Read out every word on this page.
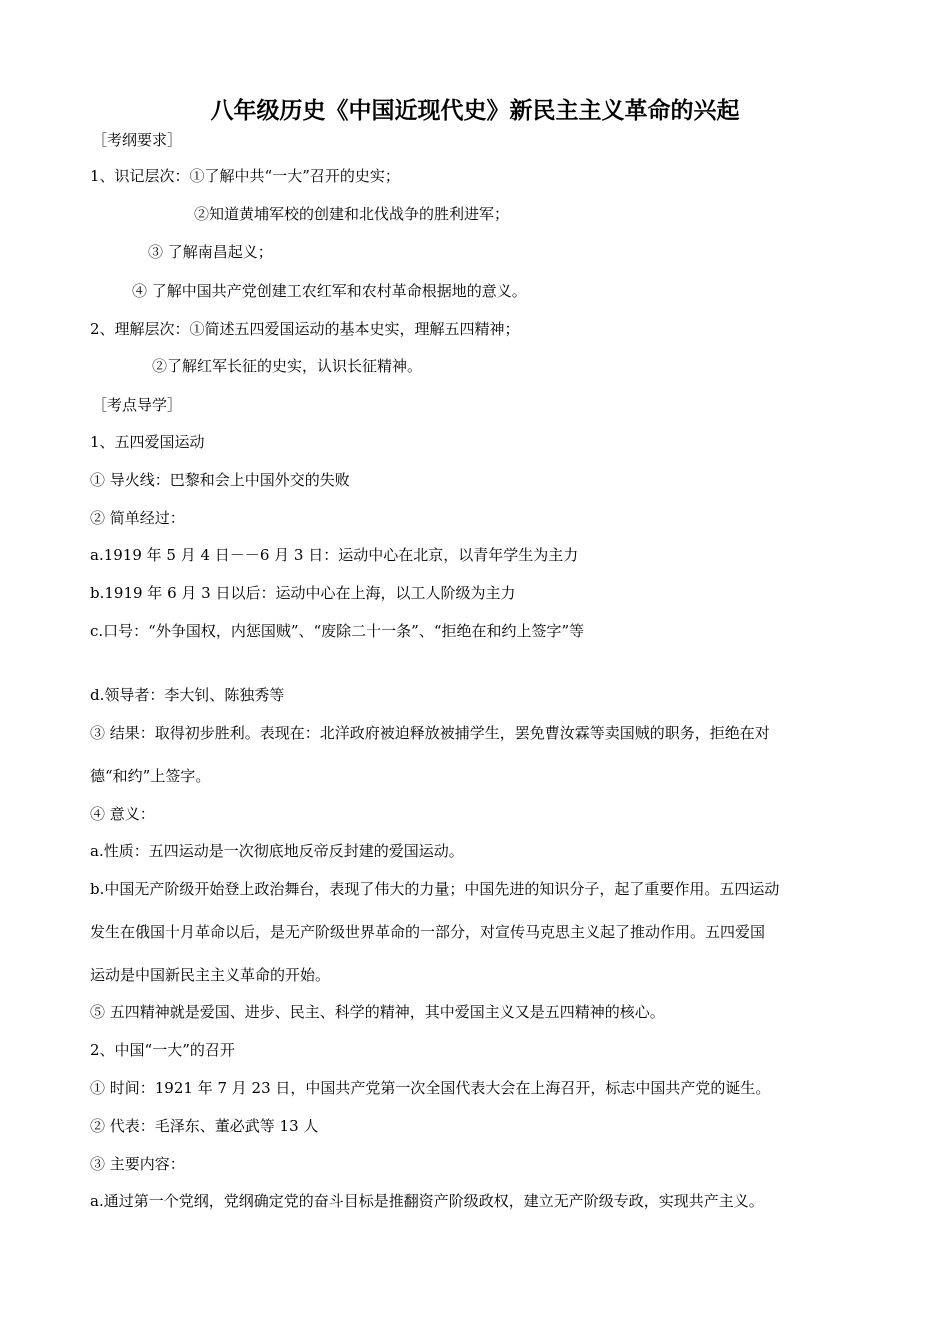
八年级历史《中国近现代史》新民主主义革命的兴起
［考纲要求］
1、识记层次：①了解中共“一大”召开的史实；
②知道黄埔军校的创建和北伐战争的胜利进军；
③ 了解南昌起义；
④ 了解中国共产党创建工农红军和农村革命根据地的意义。
2、理解层次：①简述五四爱国运动的基本史实，理解五四精神；
②了解红军长征的史实，认识长征精神。
［考点导学］
1、五四爱国运动
① 导火线：巴黎和会上中国外交的失败
② 简单经过：
a.1919 年 5 月 4 日－－6 月 3 日：运动中心在北京，以青年学生为主力
b.1919 年 6 月 3 日以后：运动中心在上海，以工人阶级为主力
c.口号：“外争国权，内惩国贼”、“废除二十一条”、“拒绝在和约上签字”等
d.领导者：李大钊、陈独秀等
③ 结果：取得初步胜利。表现在：北洋政府被迫释放被捕学生，罢免曹汝霖等卖国贼的职务，拒绝在对
德“和约”上签字。
④ 意义：
a.性质：五四运动是一次彻底地反帝反封建的爱国运动。
b.中国无产阶级开始登上政治舞台，表现了伟大的力量；中国先进的知识分子，起了重要作用。五四运动
发生在俄国十月革命以后，是无产阶级世界革命的一部分，对宣传马克思主义起了推动作用。五四爱国
运动是中国新民主主义革命的开始。
⑤ 五四精神就是爱国、进步、民主、科学的精神，其中爱国主义又是五四精神的核心。
2、中国“一大”的召开
① 时间：1921 年 7 月 23 日，中国共产党第一次全国代表大会在上海召开，标志中国共产党的诞生。
② 代表：毛泽东、董必武等 13 人
③ 主要内容：
a.通过第一个党纲，党纲确定党的奋斗目标是推翻资产阶级政权，建立无产阶级专政，实现共产主义。
